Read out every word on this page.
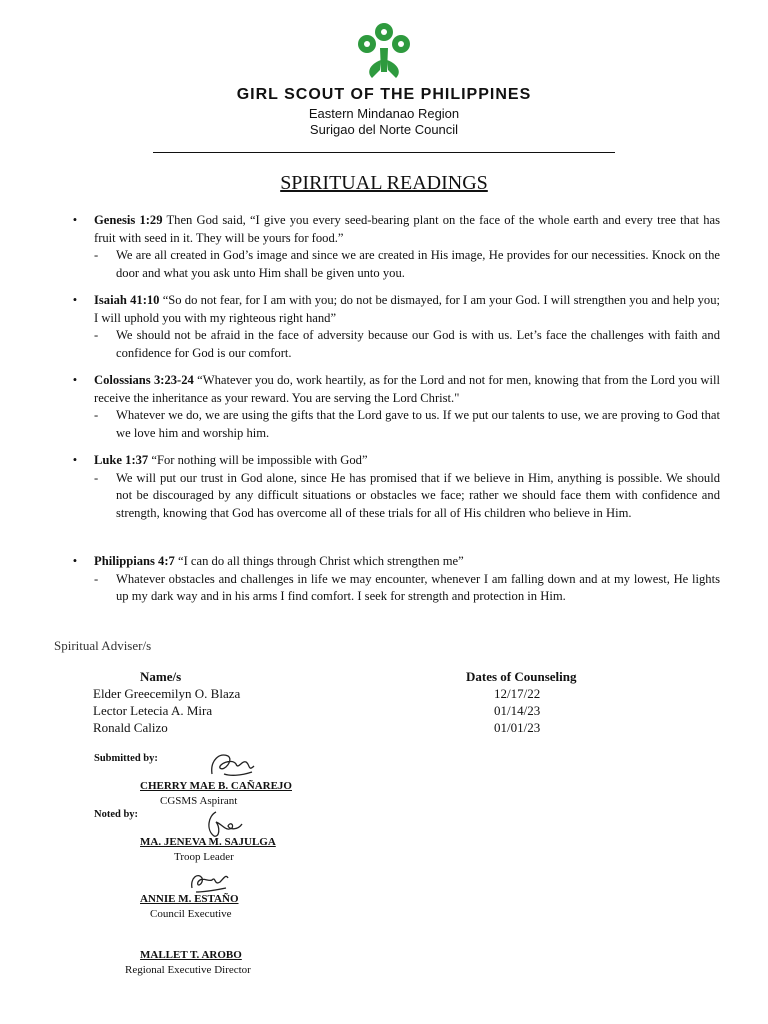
GIRL SCOUT OF THE PHILIPPINES
Eastern Mindanao Region
Surigao del Norte Council
SPIRITUAL READINGS
• Genesis 1:29 Then God said, “I give you every seed-bearing plant on the face of the whole earth and every tree that has fruit with seed in it. They will be yours for food.”
- We are all created in God’s image and since we are created in His image, He provides for our necessities. Knock on the door and what you ask unto Him shall be given unto you.
• Isaiah 41:10 “So do not fear, for I am with you; do not be dismayed, for I am your God. I will strengthen you and help you; I will uphold you with my righteous right hand”
- We should not be afraid in the face of adversity because our God is with us. Let’s face the challenges with faith and confidence for God is our comfort.
• Colossians 3:23-24 “Whatever you do, work heartily, as for the Lord and not for men, knowing that from the Lord you will receive the inheritance as your reward. You are serving the Lord Christ."
- Whatever we do, we are using the gifts that the Lord gave to us. If we put our talents to use, we are proving to God that we love him and worship him.
• Luke 1:37 “For nothing will be impossible with God”
- We will put our trust in God alone, since He has promised that if we believe in Him, anything is possible. We should not be discouraged by any difficult situations or obstacles we face; rather we should face them with confidence and strength, knowing that God has overcome all of these trials for all of His children who believe in Him.
• Philippians 4:7 “I can do all things through Christ which strengthen me”
- Whatever obstacles and challenges in life we may encounter, whenever I am falling down and at my lowest, He lights up my dark way and in his arms I find comfort. I seek for strength and protection in Him.
Spiritual Adviser/s
Name/s	Dates of Counseling
Elder Greecemilyn O. Blaza	12/17/22
Lector Letecia A. Mira	01/14/23
Ronald Calizo	01/01/23
Submitted by:
CHERRY MAE B. CAÑAREJO
CGSMS Aspirant
Noted by:
MA. JENEVA M. SAJULGA
Troop Leader
ANNIE M. ESTAÑO
Council Executive
MALLET T. AROBO
Regional Executive Director
